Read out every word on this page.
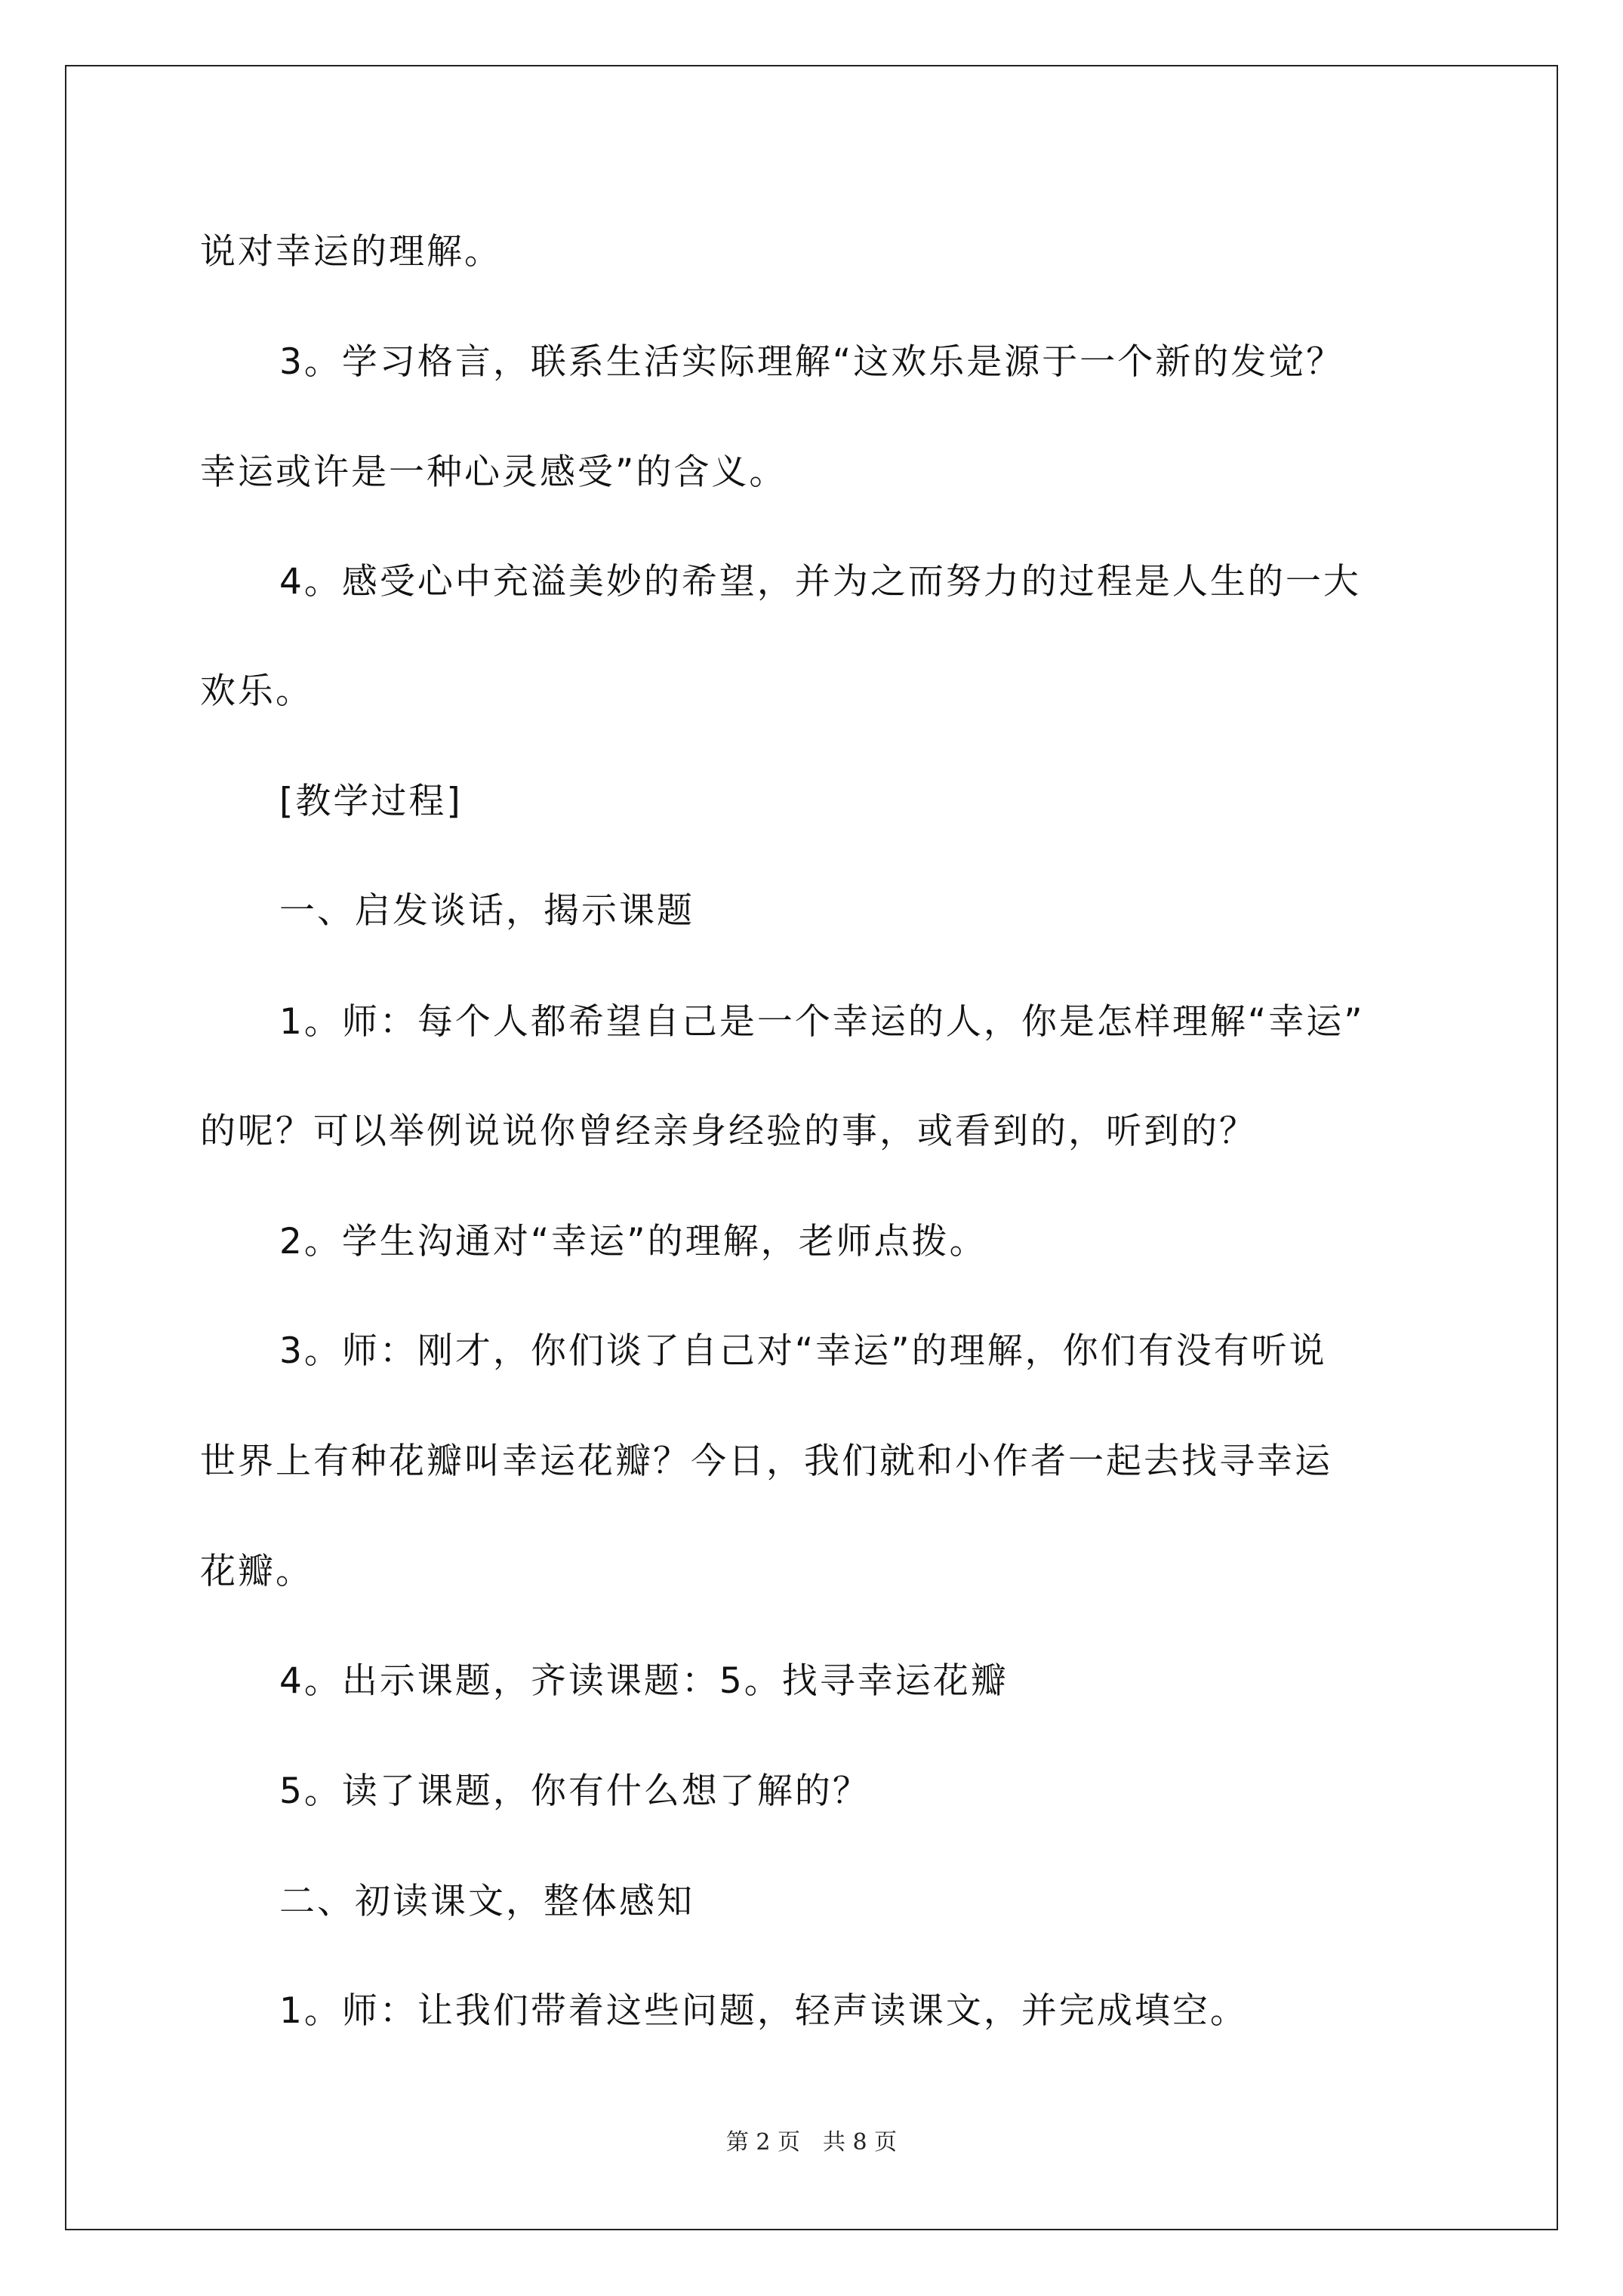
说对幸运的理解。
3。学习格言，联系生活实际理解“这欢乐是源于一个新的发觉？
幸运或许是一种心灵感受”的含义。
4。感受心中充溢美妙的希望，并为之而努力的过程是人生的一大
欢乐。
[教学过程]
一、启发谈话，揭示课题
1。师：每个人都希望自己是一个幸运的人，你是怎样理解“幸运”
的呢？可以举例说说你曾经亲身经验的事，或看到的，听到的？
2。学生沟通对“幸运”的理解，老师点拨。
3。师：刚才，你们谈了自己对“幸运”的理解，你们有没有听说
世界上有种花瓣叫幸运花瓣？今日，我们就和小作者一起去找寻幸运
花瓣。
4。出示课题，齐读课题：5。找寻幸运花瓣
5。读了课题，你有什么想了解的？
二、初读课文，整体感知
1。师：让我们带着这些问题，轻声读课文，并完成填空。
第 2 页　共 8 页
